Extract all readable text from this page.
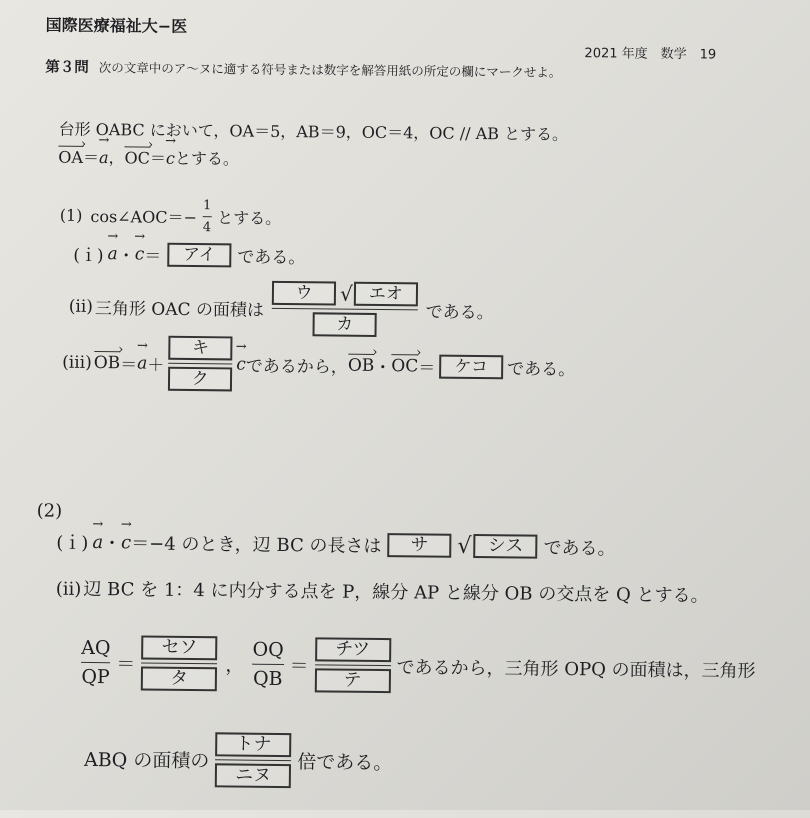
国際医療福祉大−医
2021 年度　数学　19
第３問 次の文章中のア〜ヌに適する符号または数字を解答用紙の所定の欄にマークせよ。
台形 OABC において，OA＝5，AB＝9，OC＝4，OC // AB とする。
OA ›＝→ a，OC ›＝→ cとする。
(1) cos∠AOC＝− $\frac{1}{4}$ とする。
(ｉ)
→ a ・
→ c ＝	アイ	である。
(ⅱ) 三角形 OAC の面積は ウ	√ エオ
カ である。
(ⅲ) OB › ＝
→ $a + \frac{\text{キ}}{\text{ク}}$
→ c であるから， OB › ・ OC › ＝	ケコ	である。
(2)
(ｉ)
→ a ・
→ c ＝−4 のとき，辺 BC の長さは	サ	√ シス	である。
(ⅱ)辺 BC を 1：4 に内分する点を P，線分 AP と線分 OB の交点を Q とする。
$\frac{AQ}{QP} = \frac{\text{セソ}}{\text{タ}}$ ， $\frac{OQ}{QB} = \frac{\text{チツ}}{\text{テ}}$ であるから，三角形 OPQ の面積は，三角形
ABQ の面積の $\frac{\text{トナ}}{\text{ニヌ}}$ 倍である。
